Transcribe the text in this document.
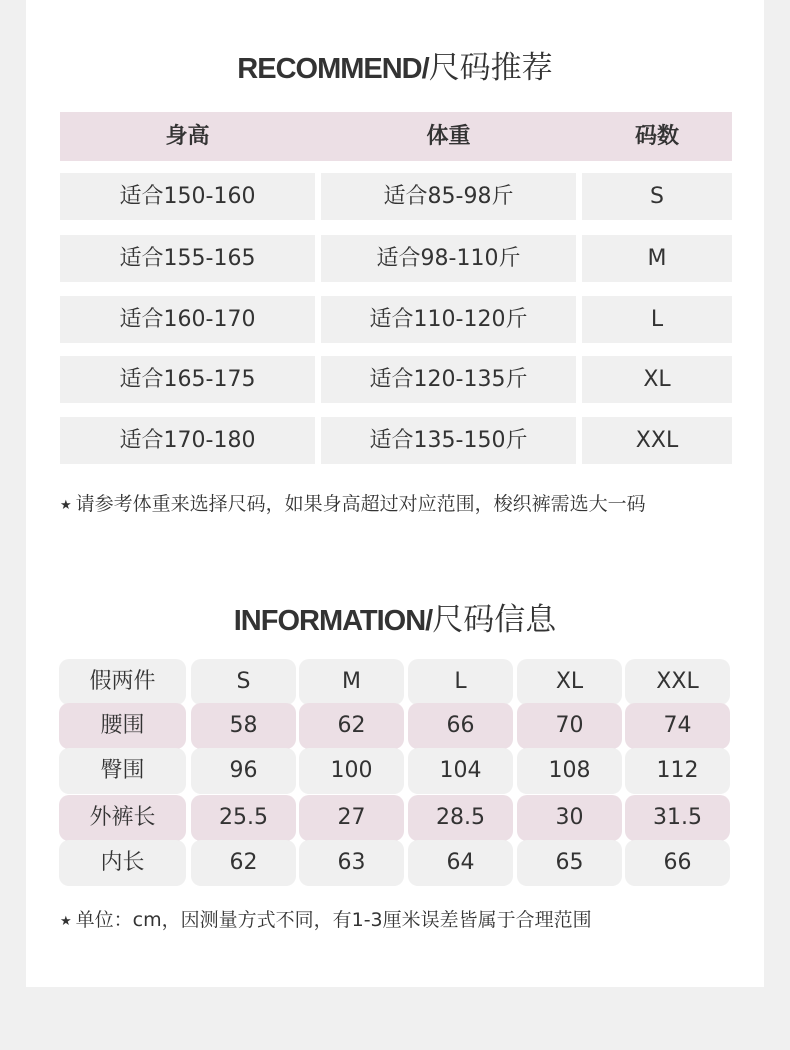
RECOMMEND/尺码推荐
身高	体重	码数
适合150-160	适合85-98斤	S
适合155-165	适合98-110斤	M
适合160-170	适合110-120斤	L
适合165-175	适合120-135斤	XL
适合170-180	适合135-150斤	XXL
★ 请参考体重来选择尺码，如果身高超过对应范围，梭织裤需选大一码
INFORMATION/尺码信息
假两件	S	M	L	XL	XXL
腰围	58	62	66	70	74
臀围	96	100	104	108	112
外裤长	25.5	27	28.5	30	31.5
内长	62	63	64	65	66
★ 单位：cm，因测量方式不同，有1-3厘米误差皆属于合理范围
